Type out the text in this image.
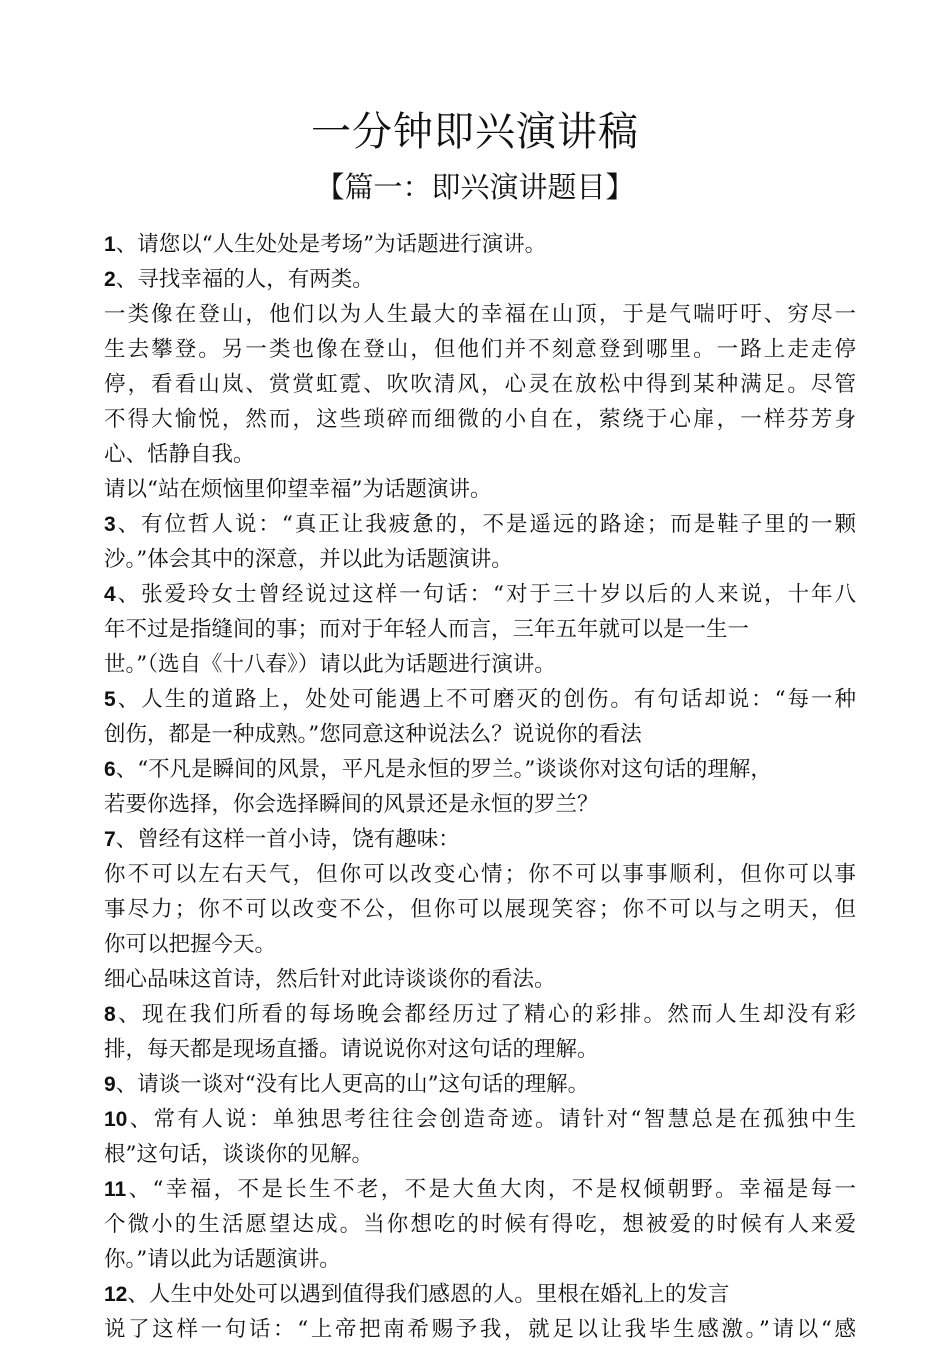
一分钟即兴演讲稿
【篇一：即兴演讲题目】
1、请您以“人生处处是考场”为话题进行演讲。
2、寻找幸福的人，有两类。
一类像在登山，他们以为人生最大的幸福在山顶，于是气喘吁吁、穷尽一
生去攀登。另一类也像在登山，但他们并不刻意登到哪里。一路上走走停
停，看看山岚、赏赏虹霓、吹吹清风，心灵在放松中得到某种满足。尽管
不得大愉悦，然而，这些琐碎而细微的小自在，萦绕于心扉，一样芬芳身
心、恬静自我。
请以“站在烦恼里仰望幸福”为话题演讲。
3、有位哲人说：“真正让我疲惫的，不是遥远的路途；而是鞋子里的一颗
沙。”体会其中的深意，并以此为话题演讲。
4、张爱玲女士曾经说过这样一句话：“对于三十岁以后的人来说，十年八
年不过是指缝间的事；而对于年轻人而言，三年五年就可以是一生一
世。”（选自《十八春》）请以此为话题进行演讲。
5、人生的道路上，处处可能遇上不可磨灭的创伤。有句话却说：“每一种
创伤，都是一种成熟。”您同意这种说法么？说说你的看法
6、“不凡是瞬间的风景，平凡是永恒的罗兰。”谈谈你对这句话的理解，
若要你选择，你会选择瞬间的风景还是永恒的罗兰？
7、曾经有这样一首小诗，饶有趣味：
你不可以左右天气，但你可以改变心情；你不可以事事顺利，但你可以事
事尽力；你不可以改变不公，但你可以展现笑容；你不可以与之明天，但
你可以把握今天。
细心品味这首诗，然后针对此诗谈谈你的看法。
8、现在我们所看的每场晚会都经历过了精心的彩排。然而人生却没有彩
排，每天都是现场直播。请说说你对这句话的理解。
9、请谈一谈对“没有比人更高的山”这句话的理解。
10、常有人说：单独思考往往会创造奇迹。请针对“智慧总是在孤独中生
根”这句话，谈谈你的见解。
11、“幸福，不是长生不老，不是大鱼大肉，不是权倾朝野。幸福是每一
个微小的生活愿望达成。当你想吃的时候有得吃，想被爱的时候有人来爱
你。”请以此为话题演讲。
12、人生中处处可以遇到值得我们感恩的人。里根在婚礼上的发言
说了这样一句话：“上帝把南希赐予我，就足以让我毕生感激。”请以“感
